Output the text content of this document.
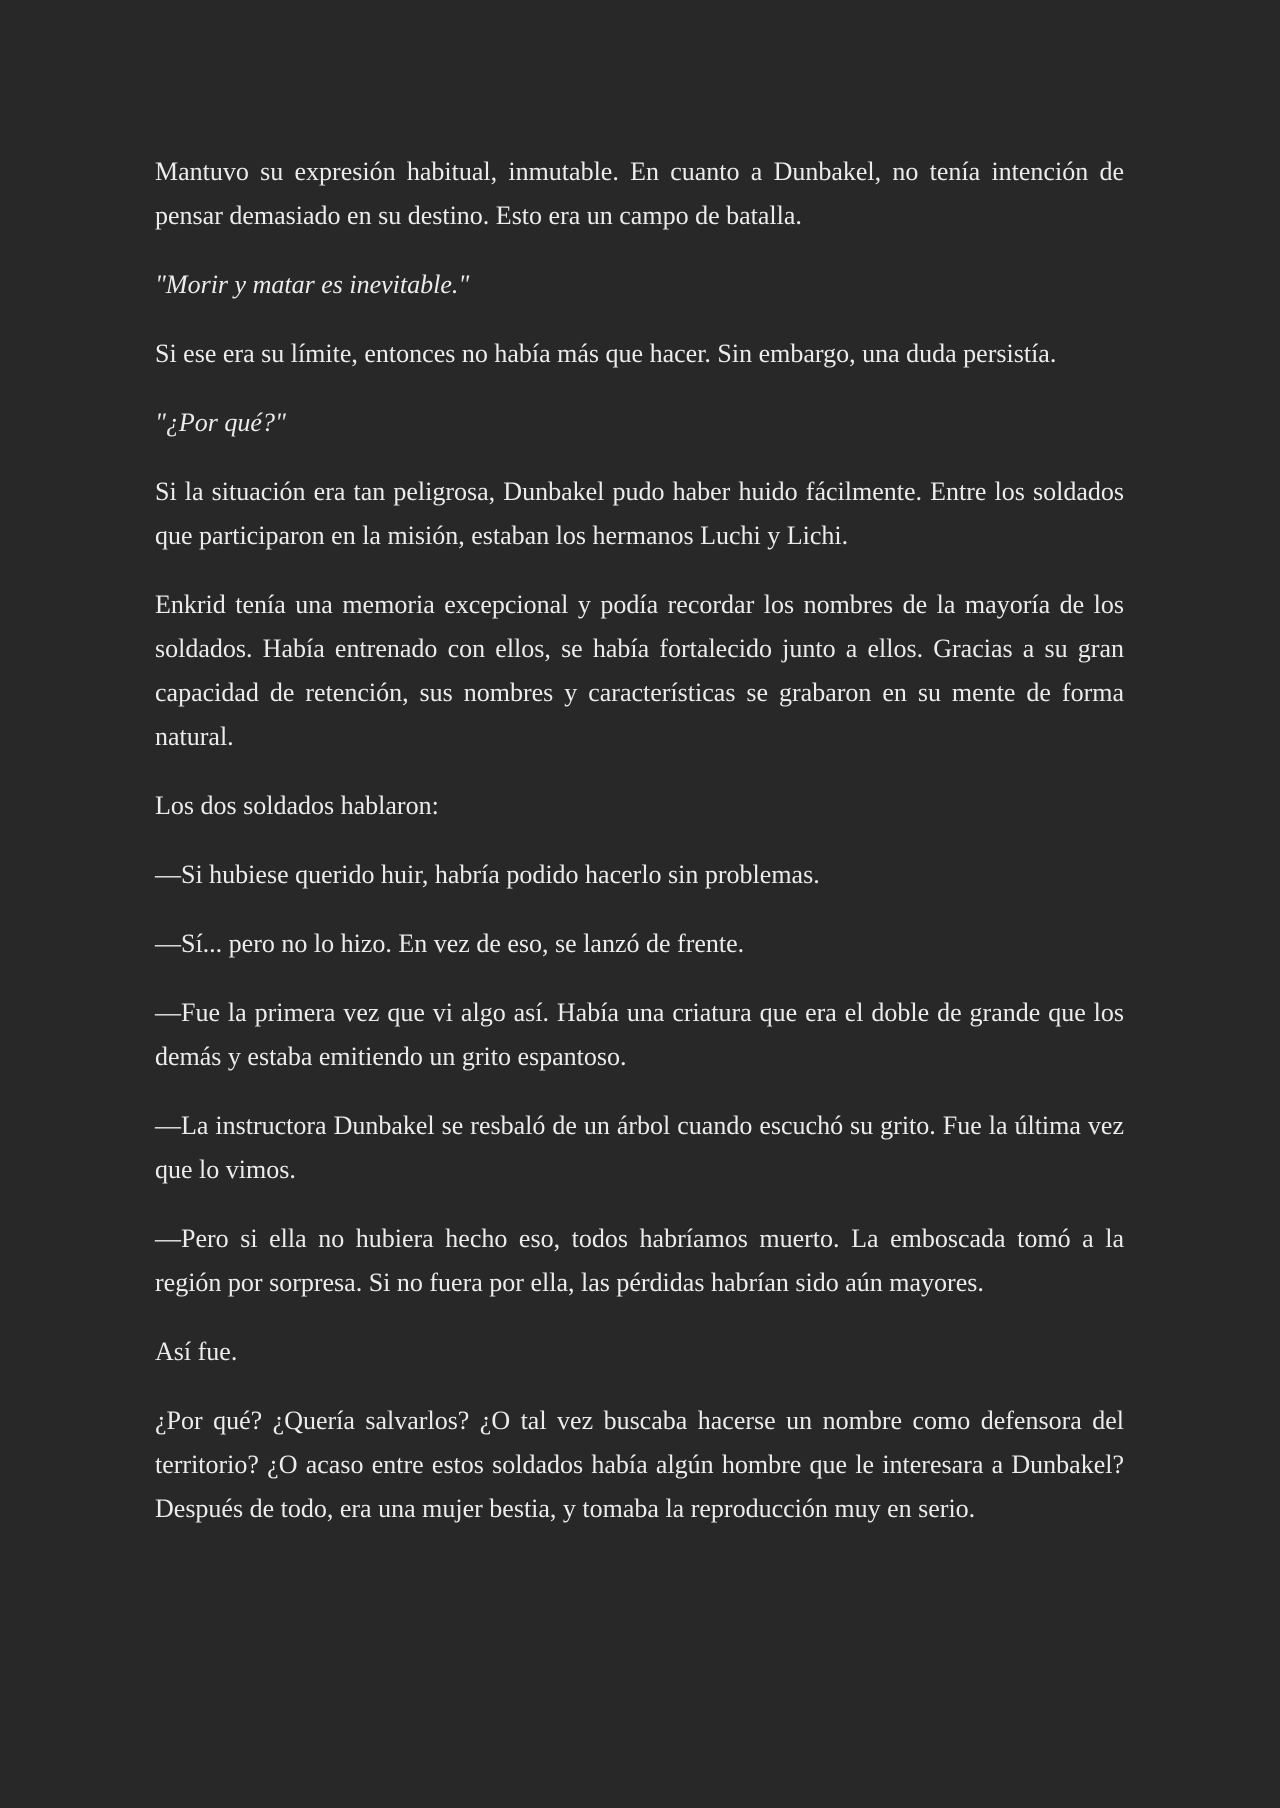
Mantuvo su expresión habitual, inmutable. En cuanto a Dunbakel, no tenía intención de pensar demasiado en su destino. Esto era un campo de batalla.

"Morir y matar es inevitable."

Si ese era su límite, entonces no había más que hacer. Sin embargo, una duda persistía.

"¿Por qué?"

Si la situación era tan peligrosa, Dunbakel pudo haber huido fácilmente. Entre los soldados que participaron en la misión, estaban los hermanos Luchi y Lichi.

Enkrid tenía una memoria excepcional y podía recordar los nombres de la mayoría de los soldados. Había entrenado con ellos, se había fortalecido junto a ellos. Gracias a su gran capacidad de retención, sus nombres y características se grabaron en su mente de forma natural.

Los dos soldados hablaron:

—Si hubiese querido huir, habría podido hacerlo sin problemas.

—Sí... pero no lo hizo. En vez de eso, se lanzó de frente.

—Fue la primera vez que vi algo así. Había una criatura que era el doble de grande que los demás y estaba emitiendo un grito espantoso.

—La instructora Dunbakel se resbaló de un árbol cuando escuchó su grito. Fue la última vez que lo vimos.

—Pero si ella no hubiera hecho eso, todos habríamos muerto. La emboscada tomó a la región por sorpresa. Si no fuera por ella, las pérdidas habrían sido aún mayores.

Así fue.

¿Por qué? ¿Quería salvarlos? ¿O tal vez buscaba hacerse un nombre como defensora del territorio? ¿O acaso entre estos soldados había algún hombre que le interesara a Dunbakel? Después de todo, era una mujer bestia, y tomaba la reproducción muy en serio.
